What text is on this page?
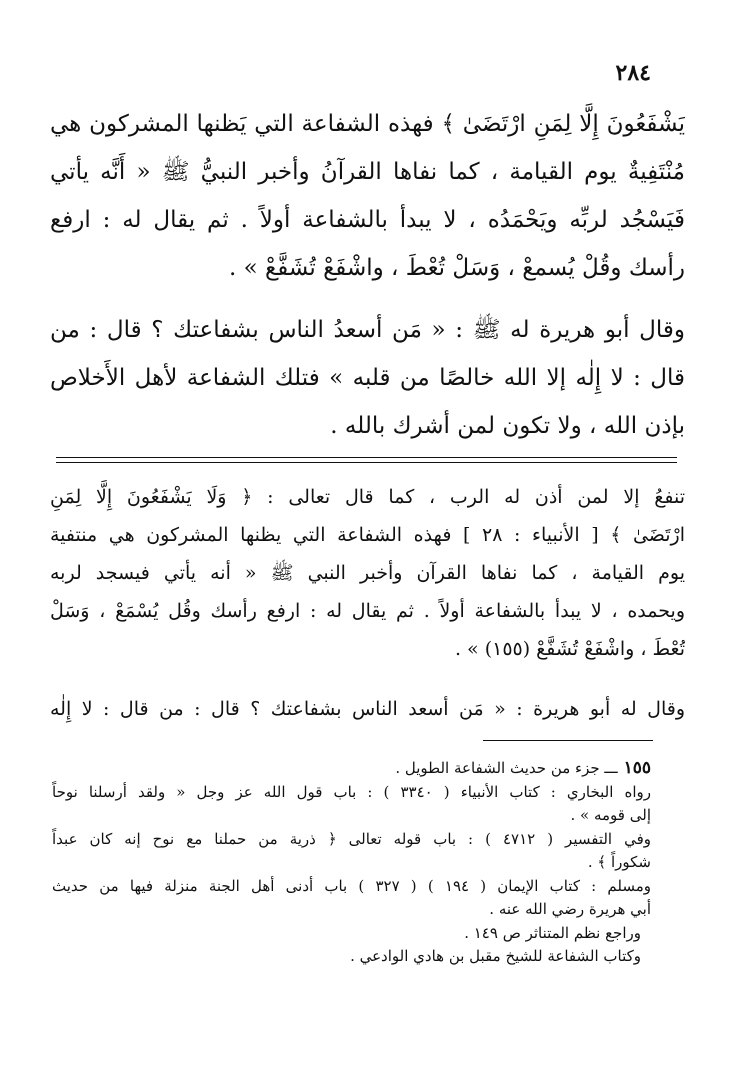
٢٨٤
يَشْفَعُونَ إِلَّا لِمَنِ ارْتَضَىٰ ﴾ فهذه الشفاعة التي يَظنها المشركون هي
مُنْتَفِيةٌ يوم القيامة ، كما نفاها القرآنُ وأخبر النبيُّ ﷺ « أَنَّه يأتي
فَيَسْجُد لربِّه ويَحْمَدُه ، لا يبدأ بالشفاعة أولاً . ثم يقال له : ارفع
رأسك وقُلْ يُسمعْ ، وَسَلْ تُعْطَ ، واشْفَعْ تُشَفَّعْ » .
وقال أبو هريرة له ﷺ : « مَن أسعدُ الناس بشفاعتك ؟ قال : من
قال : لا إِلٰه إلا الله خالصًا من قلبه » فتلك الشفاعة لأهل الأَخلاص
بإذن الله ، ولا تكون لمن أشرك بالله .
تنفعُ إلا لمن أذن له الرب ، كما قال تعالى : ﴿ وَلَا يَشْفَعُونَ إِلَّا لِمَنِ
ارْتَضَىٰ ﴾ [ الأنبياء : ٢٨ ] فهذه الشفاعة التي يظنها المشركون هي منتفية
يوم القيامة ، كما نفاها القرآن وأخبر النبي ﷺ « أنه يأتي فيسجد لربه
ويحمده ، لا يبدأ بالشفاعة أولاً . ثم يقال له : ارفع رأسك وقُل يُسْمَعْ ، وَسَلْ
تُعْطَ ، واشْفَعْ تُشَفَّعْ (١٥٥) » .
وقال له أبو هريرة : « مَن أسعد الناس بشفاعتك ؟ قال : من قال : لا إِلٰه
١٥٥ـــ جزء من حديث الشفاعة الطويل .
رواه البخاري : كتاب الأنبياء ( ٣٣٤٠ ) : باب قول الله عز وجل « ولقد أرسلنا نوحاً
إلى قومه » .
وفي التفسير ( ٤٧١٢ ) : باب قوله تعالى ﴿ ذرية من حملنا مع نوح إنه كان عبداً
شكوراً ﴾ .
ومسلم : كتاب الإيمان ( ١٩٤ ) ( ٣٢٧ ) باب أدنى أهل الجنة منزلة فيها من حديث
أبي هريرة رضي الله عنه .
وراجع نظم المتناثر ص ١٤٩ .
وكتاب الشفاعة للشيخ مقبل بن هادي الوادعي .
